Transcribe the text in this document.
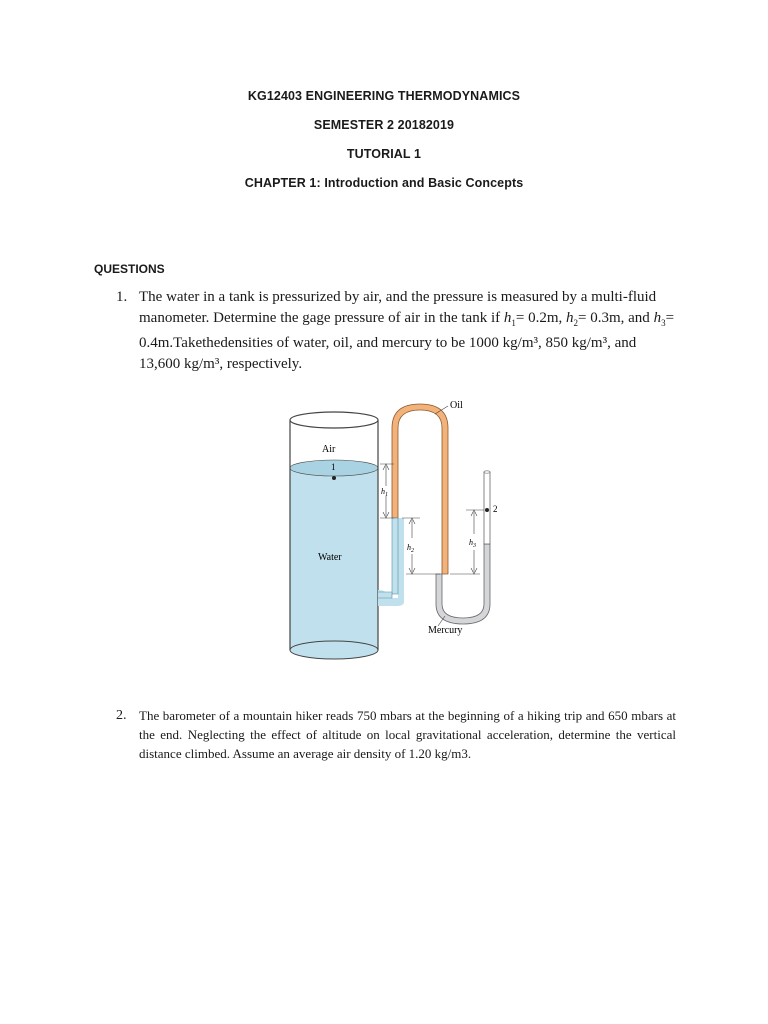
KG12403 ENGINEERING THERMODYNAMICS
SEMESTER 2 20182019
TUTORIAL 1
CHAPTER 1: Introduction and Basic Concepts
QUESTIONS
1. The water in a tank is pressurized by air, and the pressure is measured by a multi-fluid manometer. Determine the gage pressure of air in the tank if $h_1= 0.2m$, $h_2= 0.3m$, and $h_3=$ 0.4m.Takethedensities of water, oil, and mercury to be 1000 kg/m³, 850 kg/m³, and 13,600 kg/m³, respectively.
1
Air
Water
2
Oil
Mercury
$h_1$
$h_2$
$h_3$
2. The barometer of a mountain hiker reads 750 mbars at the beginning of a hiking trip and 650 mbars at the end. Neglecting the effect of altitude on local gravitational acceleration, determine the vertical distance climbed. Assume an average air density of 1.20 kg/m3.
